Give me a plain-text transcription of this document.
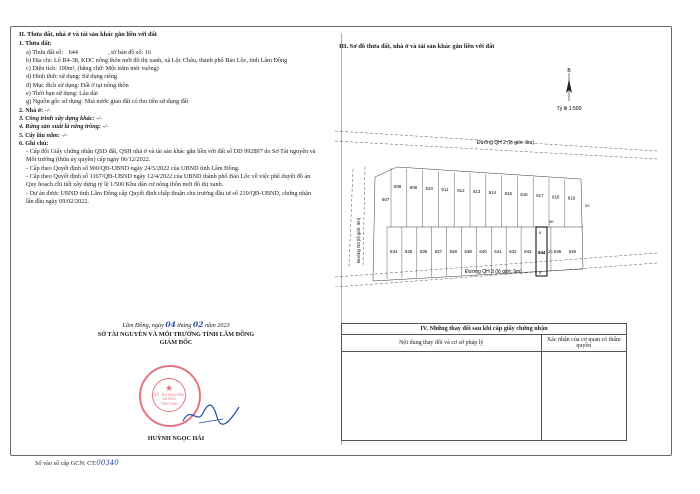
II. Thửa đất, nhà ở và tài sản khác gắn liền với đất
1. Thửa đất:
a) Thửa đất số: 644	, tờ bản đồ số: 16
b) Địa chỉ: Lô B4-38, KDC nông thôn mới đô thị xanh, xã Lộc Châu, thành phố Bảo Lộc, tỉnh Lâm Đồng
c) Diện tích: 100m², (bằng chữ: Một trăm mét vuông)
d) Hình thức sử dụng: Sử dụng riêng
đ) Mục đích sử dụng: Đất ở tại nông thôn
e) Thời hạn sử dụng: Lâu dài
g) Nguồn gốc sử dụng: Nhà nước giao đất có thu tiền sử dụng đất
2. Nhà ở: -/-
3. Công trình xây dựng khác: -/-
4. Rừng sản xuất là rừng trồng: -/-
5. Cây lâu năm: -/-
6. Ghi chú:
- Cấp đổi Giấy chứng nhận QSD đất, QSH nhà ở và tài sản khác gắn liền với đất số DD 992897 do Sở Tài nguyên và Môi trường (thừa ủy quyền) cấp ngày 06/12/2022.
- Cấp theo Quyết định số 900/QĐ-UBND ngày 24/5/2022 của UBND tỉnh Lâm Đồng.
- Cấp theo Quyết định số 1167/QĐ-UBND ngày 12/4/2022 của UBND thành phố Bảo Lộc về việc phê duyệt đồ án Quy hoạch chi tiết xây dựng tỷ lệ 1/500 Khu dân cư nông thôn mới đô thị xanh.
- Dự án được UBND tỉnh Lâm Đồng cấp Quyết định chấp thuận chủ trương đầu tư số 210/QĐ-UBND, chứng nhận lần đầu ngày 09/02/2022.
Lâm Đồng, ngày 04 tháng 02 năm 2023
SỞ TÀI NGUYÊN VÀ MÔI TRƯỜNG TỈNH LÂM ĐỒNG
GIÁM ĐỐC
★
SỞ TÀI NGUYÊN VÀ MÔI TRƯỜNG
HUỲNH NGỌC HẢI
Số vào sổ cấp GCN: CT:00340
III. Sơ đồ thửa đất, nhà ở và tài sản khác gắn liền với đất
B
Tỷ lệ 1:500
Đường QH 2 (lộ giới: 9m)
Đường QH 3 (lộ giới: 9m)
Đường N3 (lộ giới: 9m)
607
608 609 610 611 612 613 614 615 616 617 618 619
634 635 636 637 638 639 640 641 642 643	645 646
644
5
20
5
20
50
IV. Những thay đổi sau khi cấp giấy chứng nhận
Nội dung thay đổi và cơ sở pháp lý	Xác nhận của cơ quan có thẩm quyền
